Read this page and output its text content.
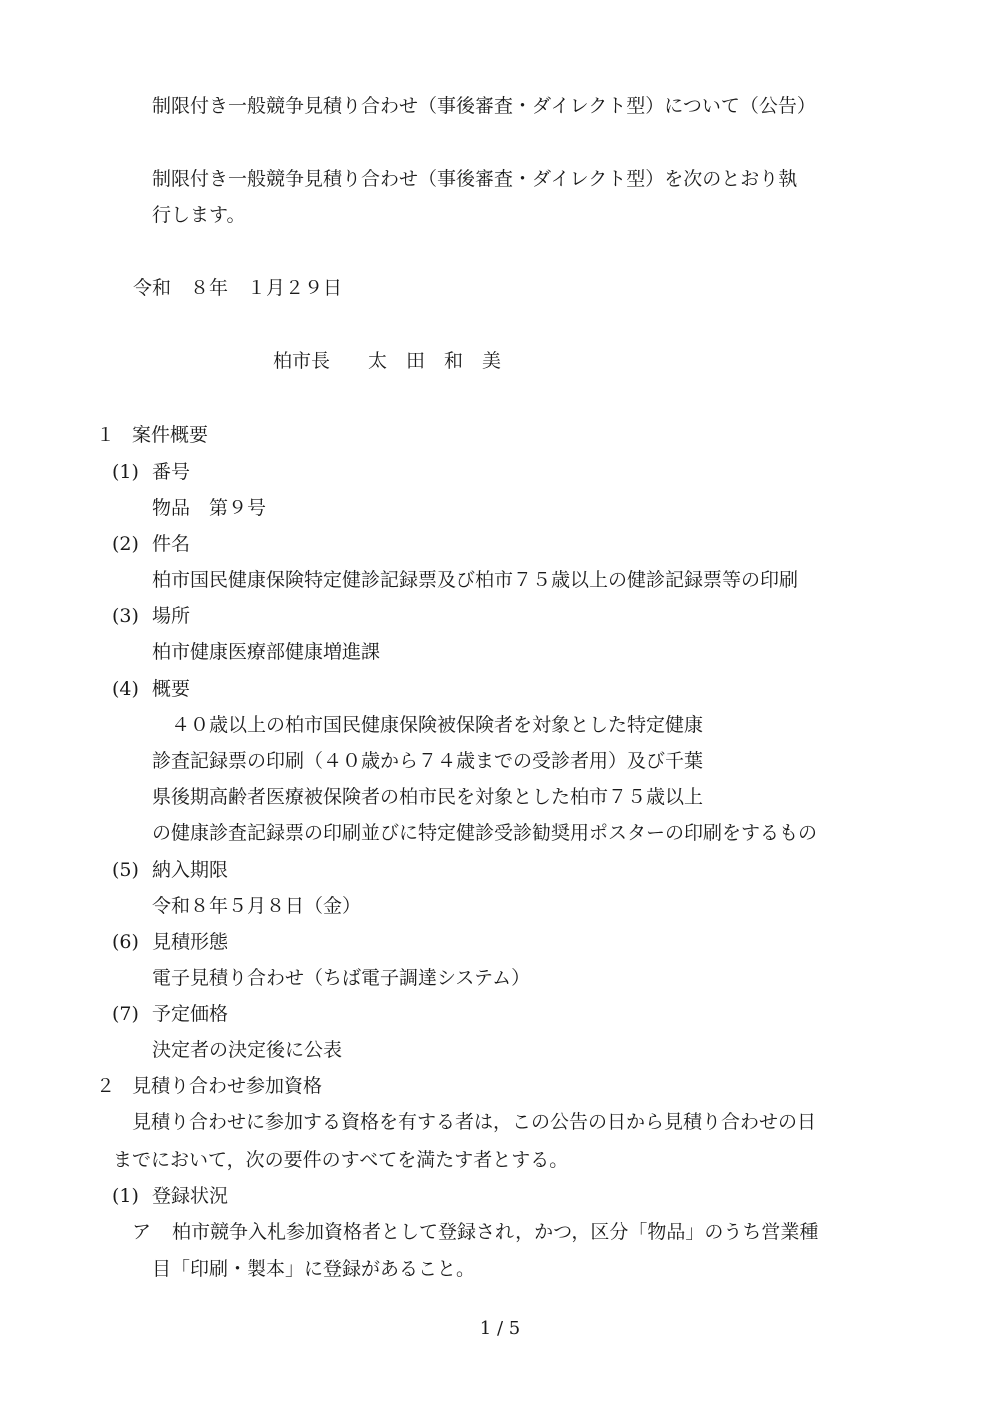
制限付き一般競争見積り合わせ（事後審査・ダイレクト型）について（公告）
制限付き一般競争見積り合わせ（事後審査・ダイレクト型）を次のとおり執
行します。
令和　８年　１月２９日
柏市長　　太　田　和　美
１ 案件概要
(1) 番号
物品　第９号
(2) 件名
柏市国民健康保険特定健診記録票及び柏市７５歳以上の健診記録票等の印刷
(3) 場所
柏市健康医療部健康増進課
(4) 概要
４０歳以上の柏市国民健康保険被保険者を対象とした特定健康
診査記録票の印刷（４０歳から７４歳までの受診者用）及び千葉
県後期高齢者医療被保険者の柏市民を対象とした柏市７５歳以上
の健康診査記録票の印刷並びに特定健診受診勧奨用ポスターの印刷をするもの
(5) 納入期限
令和８年５月８日（金）
(6) 見積形態
電子見積り合わせ（ちば電子調達システム）
(7) 予定価格
決定者の決定後に公表
２ 見積り合わせ参加資格
見積り合わせに参加する資格を有する者は，この公告の日から見積り合わせの日
までにおいて，次の要件のすべてを満たす者とする。
(1) 登録状況
ア 柏市競争入札参加資格者として登録され，かつ，区分「物品」のうち営業種
目「印刷・製本」に登録があること。
1 / 5
